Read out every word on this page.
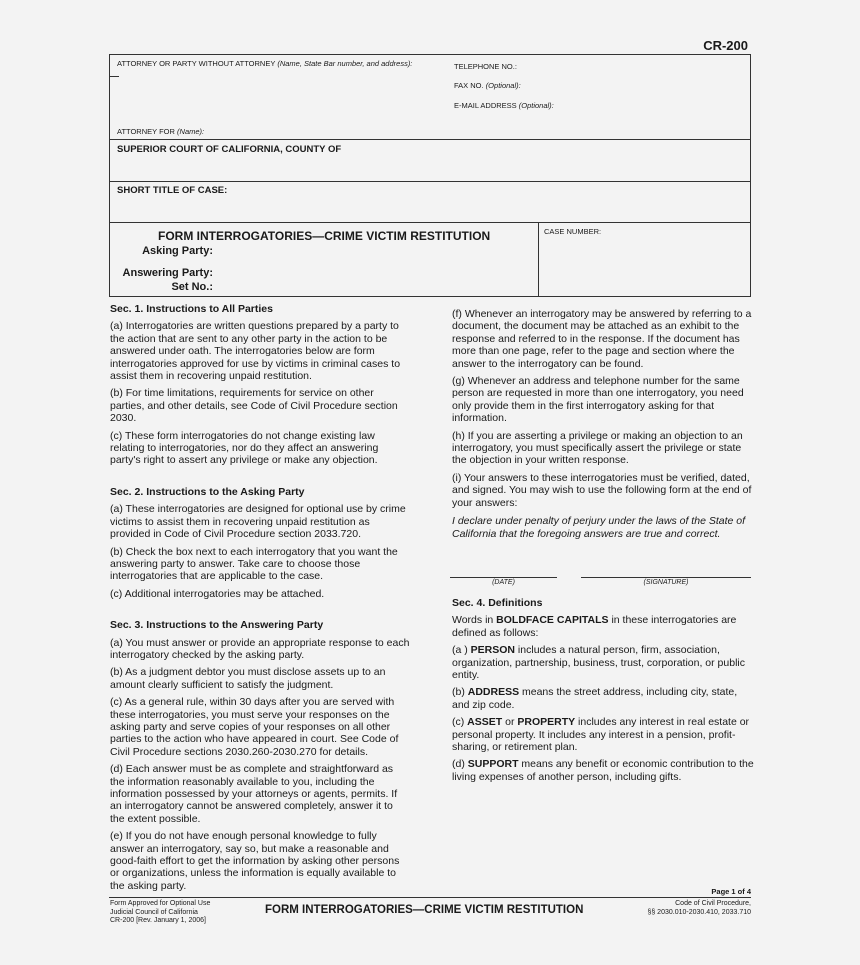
CR-200
ATTORNEY OR PARTY WITHOUT ATTORNEY (Name, State Bar number, and address):	TELEPHONE NO.:
FAX NO. (Optional):
E-MAIL ADDRESS (Optional):
ATTORNEY FOR (Name):
SUPERIOR COURT OF CALIFORNIA, COUNTY OF
SHORT TITLE OF CASE:
FORM INTERROGATORIES—CRIME VICTIM RESTITUTION
Asking Party:
Answering Party:
Set No.:
CASE NUMBER:
Sec. 1. Instructions to All Parties

(a) Interrogatories are written questions prepared by a party to the action that are sent to any other party in the action to be answered under oath. The interrogatories below are form interrogatories approved for use by victims in criminal cases to assist them in recovering unpaid restitution.

(b) For time limitations, requirements for service on other parties, and other details, see Code of Civil Procedure section 2030.

(c) These form interrogatories do not change existing law relating to interrogatories, nor do they affect an answering party's right to assert any privilege or make any objection.

Sec. 2. Instructions to the Asking Party

(a) These interrogatories are designed for optional use by crime victims to assist them in recovering unpaid restitution as provided in Code of Civil Procedure section 2033.720.

(b) Check the box next to each interrogatory that you want the answering party to answer. Take care to choose those interrogatories that are applicable to the case.

(c) Additional interrogatories may be attached.

Sec. 3. Instructions to the Answering Party

(a) You must answer or provide an appropriate response to each interrogatory checked by the asking party.

(b) As a judgment debtor you must disclose assets up to an amount clearly sufficient to satisfy the judgment.

(c) As a general rule, within 30 days after you are served with these interrogatories, you must serve your responses on the asking party and serve copies of your responses on all other parties to the action who have appeared in court. See Code of Civil Procedure sections 2030.260-2030.270 for details.

(d) Each answer must be as complete and straightforward as the information reasonably available to you, including the information possessed by your attorneys or agents, permits. If an interrogatory cannot be answered completely, answer it to the extent possible.

(e) If you do not have enough personal knowledge to fully answer an interrogatory, say so, but make a reasonable and good-faith effort to get the information by asking other persons or organizations, unless the information is equally available to the asking party.

(f) Whenever an interrogatory may be answered by referring to a document, the document may be attached as an exhibit to the response and referred to in the response. If the document has more than one page, refer to the page and section where the answer to the interrogatory can be found.

(g) Whenever an address and telephone number for the same person are requested in more than one interrogatory, you need only provide them in the first interrogatory asking for that information.

(h) If you are asserting a privilege or making an objection to an interrogatory, you must specifically assert the privilege or state the objection in your written response.

(i) Your answers to these interrogatories must be verified, dated, and signed. You may wish to use the following form at the end of your answers:

I declare under penalty of perjury under the laws of the State of California that the foregoing answers are true and correct.

(DATE)	(SIGNATURE)
Sec. 4. Definitions

Words in BOLDFACE CAPITALS in these interrogatories are defined as follows:

(a ) PERSON includes a natural person, firm, association, organization, partnership, business, trust, corporation, or public entity.

(b) ADDRESS means the street address, including city, state, and zip code.

(c) ASSET or PROPERTY includes any interest in real estate or personal property. It includes any interest in a pension, profit-sharing, or retirement plan.

(d) SUPPORT means any benefit or economic contribution to the living expenses of another person, including gifts.

Page 1 of 4
Form Approved for Optional Use
Judicial Council of California
CR-200 [Rev. January 1, 2006]
FORM INTERROGATORIES—CRIME VICTIM RESTITUTION
Code of Civil Procedure,
§§ 2030.010-2030.410, 2033.710
